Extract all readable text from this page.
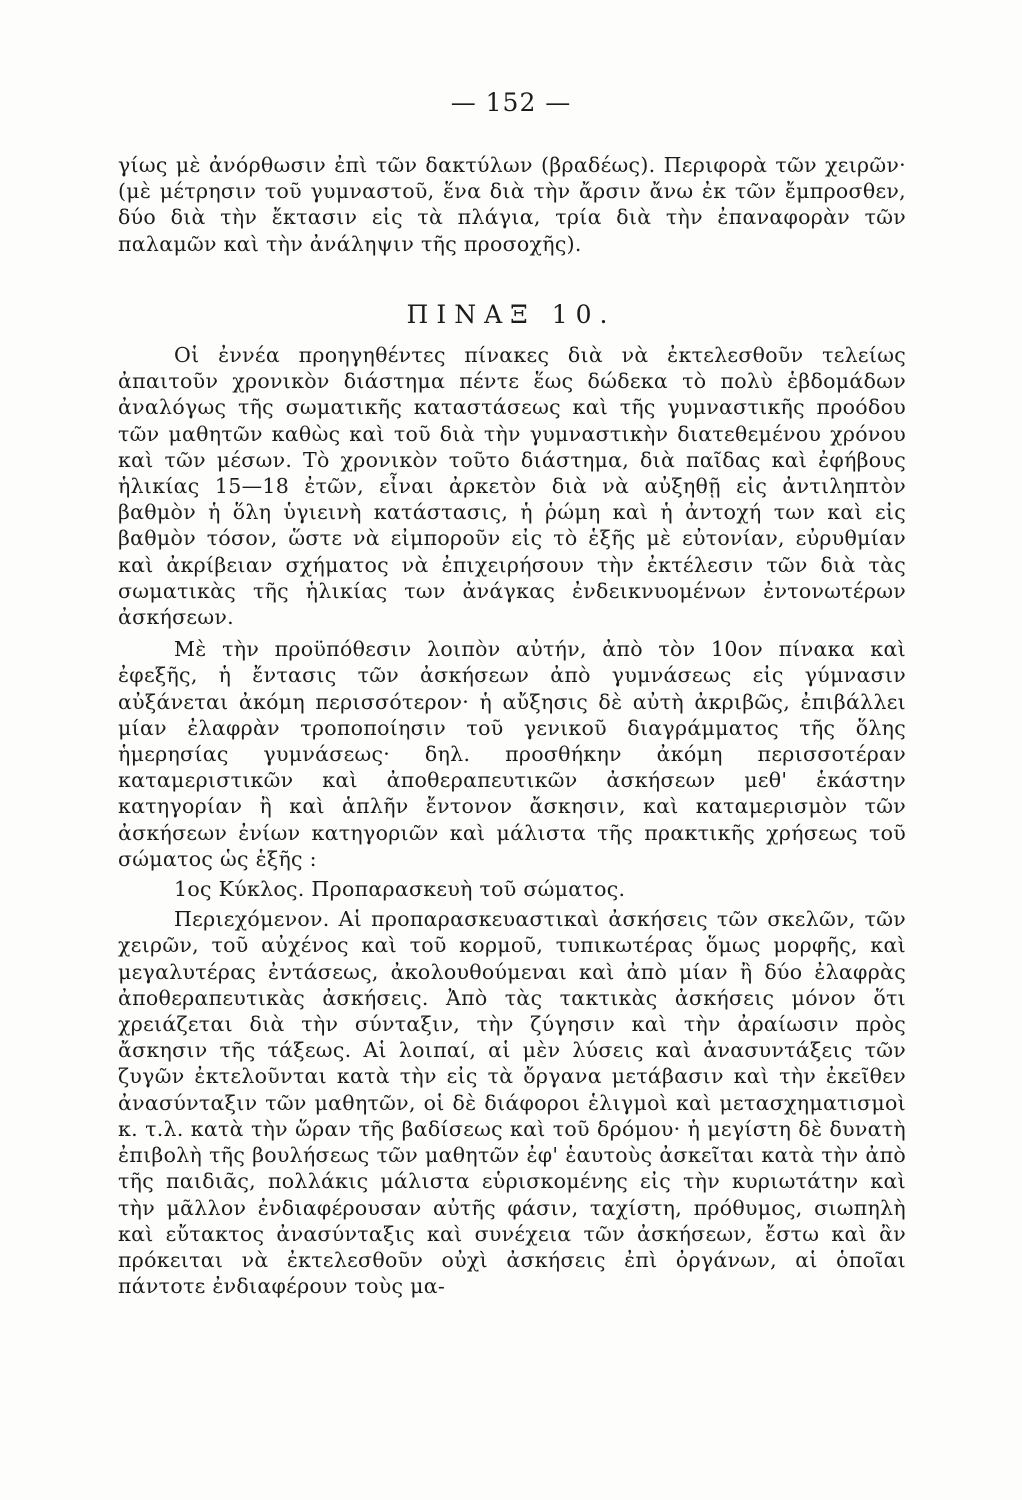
— 152 —

γίως μὲ ἀνόρθωσιν ἐπὶ τῶν δακτύλων (βραδέως). Περιφορὰ τῶν χειρῶν· (μὲ μέτρησιν τοῦ γυμναστοῦ, ἕνα διὰ τὴν ἄρσιν ἄνω ἐκ τῶν ἔμπροσθεν, δύο διὰ τὴν ἔκτασιν εἰς τὰ πλάγια, τρία διὰ τὴν ἐπαναφορὰν τῶν παλαμῶν καὶ τὴν ἀνάληψιν τῆς προσοχῆς).

ΠΙΝΑΞ 10.

Οἱ ἐννέα προηγηθέντες πίνακες διὰ νὰ ἐκτελεσθοῦν τελείως ἀπαιτοῦν χρονικὸν διάστημα πέντε ἕως δώδεκα τὸ πολὺ ἑβδομάδων ἀναλόγως τῆς σωματικῆς καταστάσεως καὶ τῆς γυμναστικῆς προόδου τῶν μαθητῶν καθὼς καὶ τοῦ διὰ τὴν γυμναστικὴν διατεθεμένου χρόνου καὶ τῶν μέσων. Τὸ χρονικὸν τοῦτο διάστημα, διὰ παῖδας καὶ ἐφήβους ἡλικίας 15—18 ἐτῶν, εἶναι ἀρκετὸν διὰ νὰ αὐξηθῇ εἰς ἀντιληπτὸν βαθμὸν ἡ ὅλη ὑγιεινὴ κατάστασις, ἡ ῥώμη καὶ ἡ ἀντοχή των καὶ εἰς βαθμὸν τόσον, ὥστε νὰ εἰμποροῦν εἰς τὸ ἑξῆς μὲ εὐτονίαν, εὐρυθμίαν καὶ ἀκρίβειαν σχήματος νὰ ἐπιχειρήσουν τὴν ἐκτέλεσιν τῶν διὰ τὰς σωματικὰς τῆς ἡλικίας των ἀνάγκας ἐνδεικνυομένων ἐντονωτέρων ἀσκήσεων.

Μὲ τὴν προϋπόθεσιν λοιπὸν αὐτήν, ἀπὸ τὸν 10ον πίνακα καὶ ἐφεξῆς, ἡ ἔντασις τῶν ἀσκήσεων ἀπὸ γυμνάσεως εἰς γύμνασιν αὐξάνεται ἀκόμη περισσότερον· ἡ αὔξησις δὲ αὐτὴ ἀκριβῶς, ἐπιβάλλει μίαν ἐλαφρὰν τροποποίησιν τοῦ γενικοῦ διαγράμματος τῆς ὅλης ἡμερησίας γυμνάσεως· δηλ. προσθήκην ἀκόμη περισσοτέραν καταμεριστικῶν καὶ ἀποθεραπευτικῶν ἀσκήσεων μεθ' ἑκάστην κατηγορίαν ἢ καὶ ἁπλῆν ἔντονον ἄσκησιν, καὶ καταμερισμὸν τῶν ἀσκήσεων ἐνίων κατηγοριῶν καὶ μάλιστα τῆς πρακτικῆς χρήσεως τοῦ σώματος ὡς ἑξῆς :

1ος Κύκλος. Προπαρασκευὴ τοῦ σώματος.

Περιεχόμενον. Αἱ προπαρασκευαστικαὶ ἀσκήσεις τῶν σκελῶν, τῶν χειρῶν, τοῦ αὐχένος καὶ τοῦ κορμοῦ, τυπικωτέρας ὅμως μορφῆς, καὶ μεγαλυτέρας ἐντάσεως, ἀκολουθούμεναι καὶ ἀπὸ μίαν ἢ δύο ἐλαφρὰς ἀποθεραπευτικὰς ἀσκήσεις. Ἀπὸ τὰς τακτικὰς ἀσκήσεις μόνον ὅτι χρειάζεται διὰ τὴν σύνταξιν, τὴν ζύγησιν καὶ τὴν ἀραίωσιν πρὸς ἄσκησιν τῆς τάξεως. Αἱ λοιπαί, αἱ μὲν λύσεις καὶ ἀνασυντάξεις τῶν ζυγῶν ἐκτελοῦνται κατὰ τὴν εἰς τὰ ὄργανα μετάβασιν καὶ τὴν ἐκεῖθεν ἀνασύνταξιν τῶν μαθητῶν, οἱ δὲ διάφοροι ἑλιγμοὶ καὶ μετασχηματισμοὶ κ. τ.λ. κατὰ τὴν ὥραν τῆς βαδίσεως καὶ τοῦ δρόμου· ἡ μεγίστη δὲ δυνατὴ ἐπιβολὴ τῆς βουλήσεως τῶν μαθητῶν ἐφ' ἑαυτοὺς ἀσκεῖται κατὰ τὴν ἀπὸ τῆς παιδιᾶς, πολλάκις μάλιστα εὑρισκομένης εἰς τὴν κυριωτάτην καὶ τὴν μᾶλλον ἐνδιαφέρουσαν αὐτῆς φάσιν, ταχίστη, πρόθυμος, σιωπηλὴ καὶ εὔτακτος ἀνασύνταξις καὶ συνέχεια τῶν ἀσκήσεων, ἔστω καὶ ἂν πρόκειται νὰ ἐκτελεσθοῦν οὐχὶ ἀσκήσεις ἐπὶ ὀργάνων, αἱ ὁποῖαι πάντοτε ἐνδιαφέρουν τοὺς μα-
